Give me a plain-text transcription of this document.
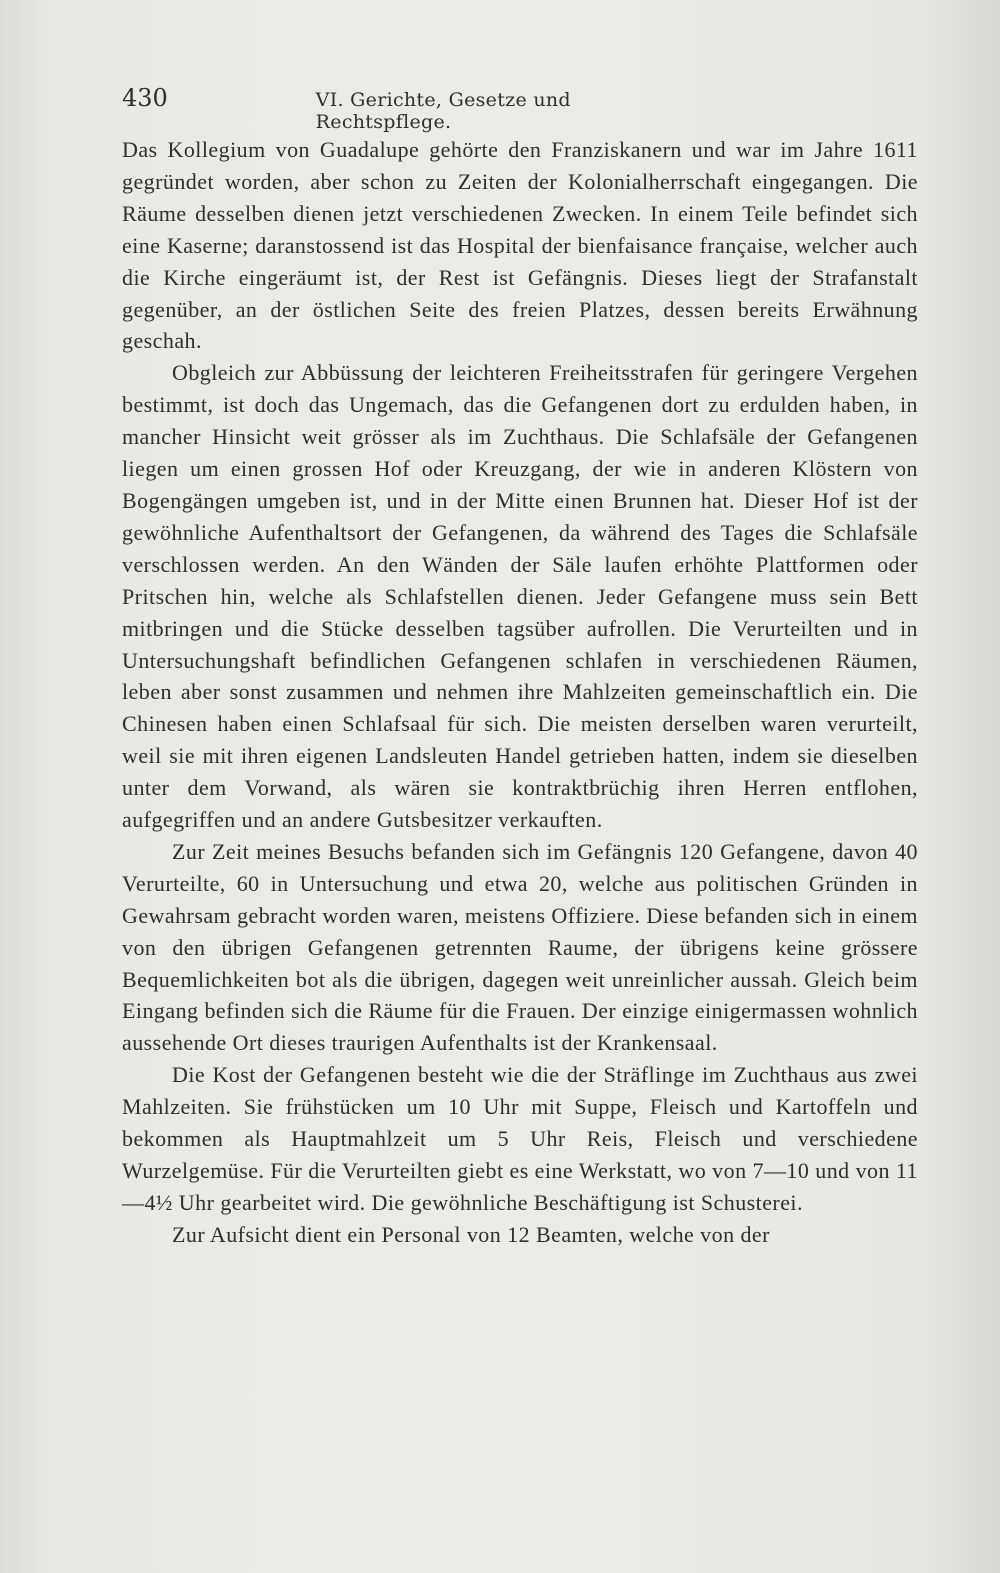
430	VI. Gerichte, Gesetze und Rechtspflege.

Das Kollegium von Guadalupe gehörte den Franziskanern und war im Jahre 1611 gegründet worden, aber schon zu Zeiten der Kolonialherrschaft eingegangen. Die Räume desselben dienen jetzt verschiedenen Zwecken. In einem Teile befindet sich eine Kaserne; daranstossend ist das Hospital der bienfaisance française, welcher auch die Kirche eingeräumt ist, der Rest ist Gefängnis. Dieses liegt der Strafanstalt gegenüber, an der östlichen Seite des freien Platzes, dessen bereits Erwähnung geschah.

Obgleich zur Abbüssung der leichteren Freiheitsstrafen für geringere Vergehen bestimmt, ist doch das Ungemach, das die Gefangenen dort zu erdulden haben, in mancher Hinsicht weit grösser als im Zuchthaus. Die Schlafsäle der Gefangenen liegen um einen grossen Hof oder Kreuzgang, der wie in anderen Klöstern von Bogengängen umgeben ist, und in der Mitte einen Brunnen hat. Dieser Hof ist der gewöhnliche Aufenthaltsort der Gefangenen, da während des Tages die Schlafsäle verschlossen werden. An den Wänden der Säle laufen erhöhte Plattformen oder Pritschen hin, welche als Schlafstellen dienen. Jeder Gefangene muss sein Bett mitbringen und die Stücke desselben tagsüber aufrollen. Die Verurteilten und in Untersuchungshaft befindlichen Gefangenen schlafen in verschiedenen Räumen, leben aber sonst zusammen und nehmen ihre Mahlzeiten gemeinschaftlich ein. Die Chinesen haben einen Schlafsaal für sich. Die meisten derselben waren verurteilt, weil sie mit ihren eigenen Landsleuten Handel getrieben hatten, indem sie dieselben unter dem Vorwand, als wären sie kontraktbrüchig ihren Herren entflohen, aufgegriffen und an andere Gutsbesitzer verkauften.

Zur Zeit meines Besuchs befanden sich im Gefängnis 120 Gefangene, davon 40 Verurteilte, 60 in Untersuchung und etwa 20, welche aus politischen Gründen in Gewahrsam gebracht worden waren, meistens Offiziere. Diese befanden sich in einem von den übrigen Gefangenen getrennten Raume, der übrigens keine grössere Bequemlichkeiten bot als die übrigen, dagegen weit unreinlicher aussah. Gleich beim Eingang befinden sich die Räume für die Frauen. Der einzige einigermassen wohnlich aussehende Ort dieses traurigen Aufenthalts ist der Krankensaal.

Die Kost der Gefangenen besteht wie die der Sträflinge im Zuchthaus aus zwei Mahlzeiten. Sie frühstücken um 10 Uhr mit Suppe, Fleisch und Kartoffeln und bekommen als Hauptmahlzeit um 5 Uhr Reis, Fleisch und verschiedene Wurzelgemüse. Für die Verurteilten giebt es eine Werkstatt, wo von 7—10 und von 11—4½ Uhr gearbeitet wird. Die gewöhnliche Beschäftigung ist Schusterei.

Zur Aufsicht dient ein Personal von 12 Beamten, welche von der
